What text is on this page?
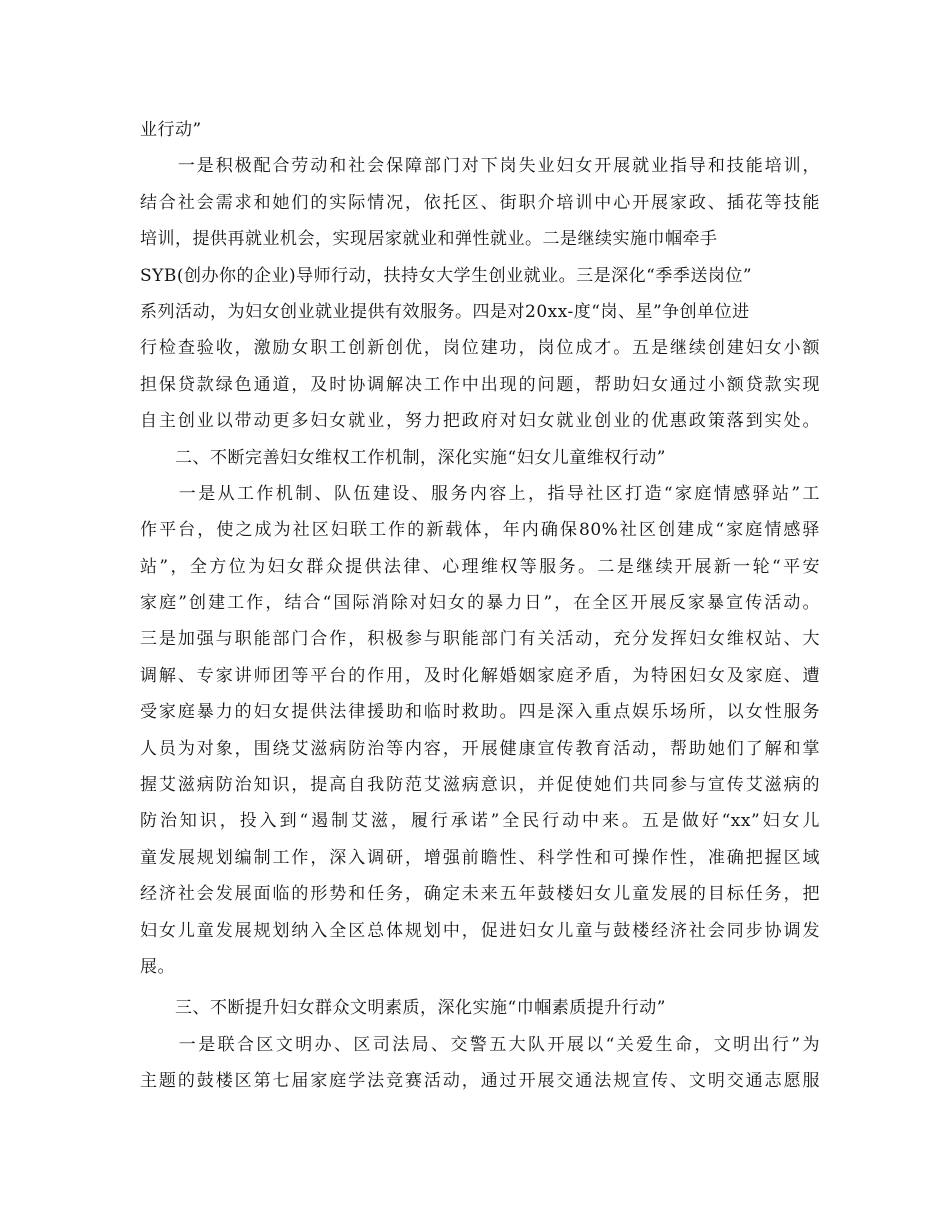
业行动”
　　一是积极配合劳动和社会保障部门对下岗失业妇女开展就业指导和技能培训，
结合社会需求和她们的实际情况，依托区、街职介培训中心开展家政、插花等技能
培训，提供再就业机会，实现居家就业和弹性就业。二是继续实施巾帼牵手
SYB(创办你的企业)导师行动，扶持女大学生创业就业。三是深化“季季送岗位”
系列活动，为妇女创业就业提供有效服务。四是对20xx-度“岗、星”争创单位进
行检查验收，激励女职工创新创优，岗位建功，岗位成才。五是继续创建妇女小额
担保贷款绿色通道，及时协调解决工作中出现的问题，帮助妇女通过小额贷款实现
自主创业以带动更多妇女就业，努力把政府对妇女就业创业的优惠政策落到实处。
　　二、不断完善妇女维权工作机制，深化实施“妇女儿童维权行动”
　　一是从工作机制、队伍建设、服务内容上，指导社区打造“家庭情感驿站”工
作平台，使之成为社区妇联工作的新载体，年内确保80%社区创建成“家庭情感驿
站”，全方位为妇女群众提供法律、心理维权等服务。二是继续开展新一轮“平安
家庭”创建工作，结合“国际消除对妇女的暴力日”，在全区开展反家暴宣传活动。
三是加强与职能部门合作，积极参与职能部门有关活动，充分发挥妇女维权站、大
调解、专家讲师团等平台的作用，及时化解婚姻家庭矛盾，为特困妇女及家庭、遭
受家庭暴力的妇女提供法律援助和临时救助。四是深入重点娱乐场所，以女性服务
人员为对象，围绕艾滋病防治等内容，开展健康宣传教育活动，帮助她们了解和掌
握艾滋病防治知识，提高自我防范艾滋病意识，并促使她们共同参与宣传艾滋病的
防治知识，投入到“遏制艾滋，履行承诺”全民行动中来。五是做好“xx”妇女儿
童发展规划编制工作，深入调研，增强前瞻性、科学性和可操作性，准确把握区域
经济社会发展面临的形势和任务，确定未来五年鼓楼妇女儿童发展的目标任务，把
妇女儿童发展规划纳入全区总体规划中，促进妇女儿童与鼓楼经济社会同步协调发
展。
　　三、不断提升妇女群众文明素质，深化实施“巾帼素质提升行动”
　　一是联合区文明办、区司法局、交警五大队开展以“关爱生命，文明出行”为
主题的鼓楼区第七届家庭学法竞赛活动，通过开展交通法规宣传、文明交通志愿服
